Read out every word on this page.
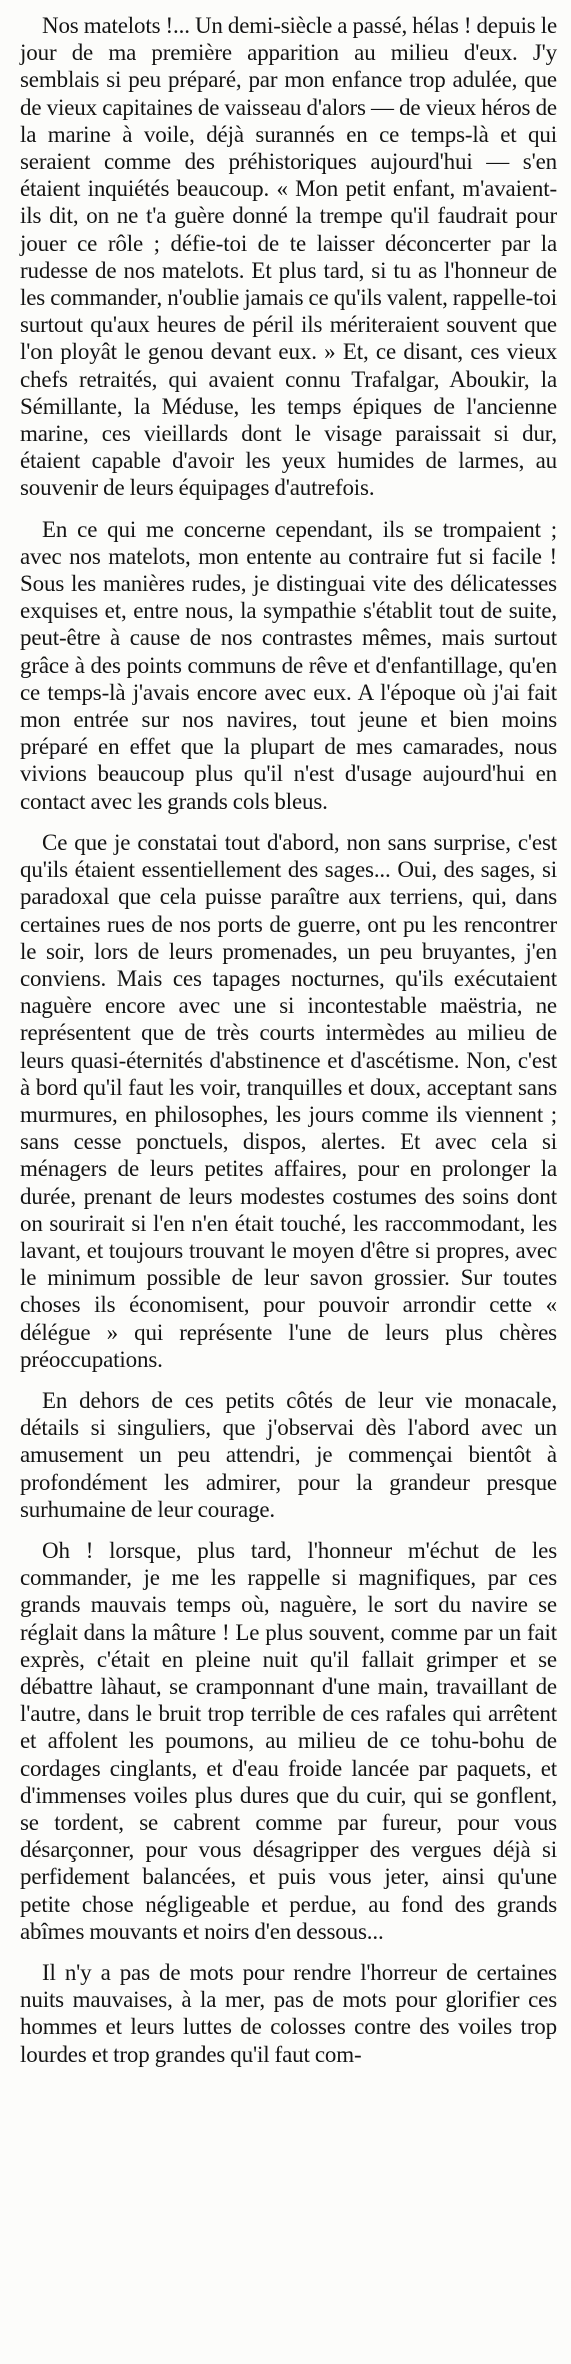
Nos matelots !... Un demi-siècle a passé, hélas ! depuis le jour de ma première apparition au milieu d'eux. J'y semblais si peu préparé, par mon enfance trop adulée, que de vieux capitaines de vaisseau d'alors — de vieux héros de la marine à voile, déjà surannés en ce temps-là et qui seraient comme des préhistoriques aujourd'hui — s'en étaient inquiétés beaucoup. « Mon petit enfant, m'avaient-ils dit, on ne t'a guère donné la trempe qu'il faudrait pour jouer ce rôle ; défie-toi de te laisser déconcerter par la rudesse de nos matelots. Et plus tard, si tu as l'honneur de les commander, n'oublie jamais ce qu'ils valent, rappelle-toi surtout qu'aux heures de péril ils mériteraient souvent que l'on ployât le genou devant eux. » Et, ce disant, ces vieux chefs retraités, qui avaient connu Trafalgar, Aboukir, la Sémillante, la Méduse, les temps épiques de l'ancienne marine, ces vieillards dont le visage paraissait si dur, étaient capable d'avoir les yeux humides de larmes, au souvenir de leurs équipages d'autrefois.

En ce qui me concerne cependant, ils se trompaient ; avec nos matelots, mon entente au contraire fut si facile ! Sous les manières rudes, je distinguai vite des délicatesses exquises et, entre nous, la sympathie s'établit tout de suite, peut-être à cause de nos contrastes mêmes, mais surtout grâce à des points communs de rêve et d'enfantillage, qu'en ce temps-là j'avais encore avec eux. A l'époque où j'ai fait mon entrée sur nos navires, tout jeune et bien moins préparé en effet que la plupart de mes camarades, nous vivions beaucoup plus qu'il n'est d'usage aujourd'hui en contact avec les grands cols bleus.

Ce que je constatai tout d'abord, non sans surprise, c'est qu'ils étaient essentiellement des sages... Oui, des sages, si paradoxal que cela puisse paraître aux terriens, qui, dans certaines rues de nos ports de guerre, ont pu les rencontrer le soir, lors de leurs promenades, un peu bruyantes, j'en conviens. Mais ces tapages nocturnes, qu'ils exécutaient naguère encore avec une si incontestable maëstria, ne représentent que de très courts intermèdes au milieu de leurs quasi-éternités d'abstinence et d'ascétisme. Non, c'est à bord qu'il faut les voir, tranquilles et doux, acceptant sans murmures, en philosophes, les jours comme ils viennent ; sans cesse ponctuels, dispos, alertes. Et avec cela si ménagers de leurs petites affaires, pour en prolonger la durée, prenant de leurs modestes costumes des soins dont on sourirait si l'en n'en était touché, les raccommodant, les lavant, et toujours trouvant le moyen d'être si propres, avec le minimum possible de leur savon grossier. Sur toutes choses ils économisent, pour pouvoir arrondir cette « délégue » qui représente l'une de leurs plus chères préoccupations.

En dehors de ces petits côtés de leur vie monacale, détails si singuliers, que j'observai dès l'abord avec un amusement un peu attendri, je commençai bientôt à profondément les admirer, pour la grandeur presque surhumaine de leur courage.

Oh ! lorsque, plus tard, l'honneur m'échut de les commander, je me les rappelle si magnifiques, par ces grands mauvais temps où, naguère, le sort du navire se réglait dans la mâture ! Le plus souvent, comme par un fait exprès, c'était en pleine nuit qu'il fallait grimper et se débattre làhaut, se cramponnant d'une main, travaillant de l'autre, dans le bruit trop terrible de ces rafales qui arrêtent et affolent les poumons, au milieu de ce tohu-bohu de cordages cinglants, et d'eau froide lancée par paquets, et d'immenses voiles plus dures que du cuir, qui se gonflent, se tordent, se cabrent comme par fureur, pour vous désarçonner, pour vous désagripper des vergues déjà si perfidement balancées, et puis vous jeter, ainsi qu'une petite chose négligeable et perdue, au fond des grands abîmes mouvants et noirs d'en dessous...

Il n'y a pas de mots pour rendre l'horreur de certaines nuits mauvaises, à la mer, pas de mots pour glorifier ces hommes et leurs luttes de colosses contre des voiles trop lourdes et trop grandes qu'il faut com-
